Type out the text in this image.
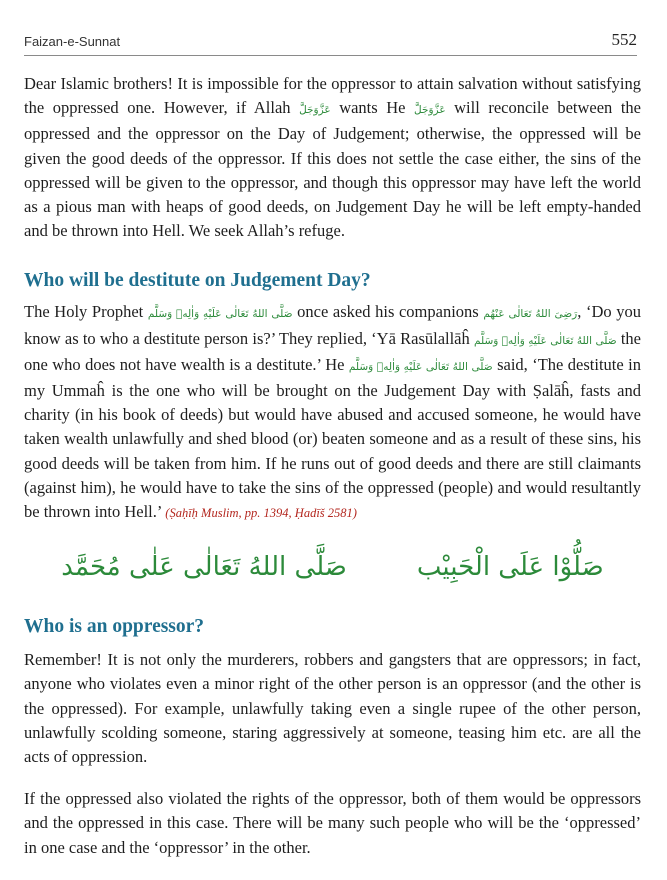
Faizan-e-Sunnat	552

Dear Islamic brothers! It is impossible for the oppressor to attain salvation without satisfying the oppressed one. However, if Allah عَزَّوَجَلَّ wants He عَزَّوَجَلَّ will reconcile between the oppressed and the oppressor on the Day of Judgement; otherwise, the oppressed will be given the good deeds of the oppressor. If this does not settle the case either, the sins of the oppressed will be given to the oppressor, and though this oppressor may have left the world as a pious man with heaps of good deeds, on Judgement Day he will be left empty-handed and be thrown into Hell. We seek Allah’s refuge.

Who will be destitute on Judgement Day?

The Holy Prophet صَلَّى اللهُ تَعَالٰى عَلَيْهِ وَاٰلِهٖ وَسَلَّم once asked his companions رَضِیَ اللهُ تَعَالٰى عَنْهُم, ‘Do you know as to who a destitute person is?’ They replied, ‘Yā Rasūlallāĥ صَلَّى اللهُ تَعَالٰى عَلَيْهِ وَاٰلِهٖ وَسَلَّم the one who does not have wealth is a destitute.’ He صَلَّى اللهُ تَعَالٰى عَلَيْهِ وَاٰلِهٖ وَسَلَّم said, ‘The destitute in my Ummaĥ is the one who will be brought on the Judgement Day with Ṣalāĥ, fasts and charity (in his book of deeds) but would have abused and accused someone, he would have taken wealth unlawfully and shed blood (or) beaten someone and as a result of these sins, his good deeds will be taken from him. If he runs out of good deeds and there are still claimants (against him), he would have to take the sins of the oppressed (people) and would resultantly be thrown into Hell.’ (Ṣaḥīḥ Muslim, pp. 1394, Ḥadīš 2581)

صَلُّوْا عَلَى الْحَبِیْب
صَلَّى اللهُ تَعَالٰی عَلٰی مُحَمَّد
Who is an oppressor?

Remember! It is not only the murderers, robbers and gangsters that are oppressors; in fact, anyone who violates even a minor right of the other person is an oppressor (and the other is the oppressed). For example, unlawfully taking even a single rupee of the other person, unlawfully scolding someone, staring aggressively at someone, teasing him etc. are all the acts of oppression.

If the oppressed also violated the rights of the oppressor, both of them would be oppressors and the oppressed in this case. There will be many such people who will be the ‘oppressed’ in one case and the ‘oppressor’ in the other.
